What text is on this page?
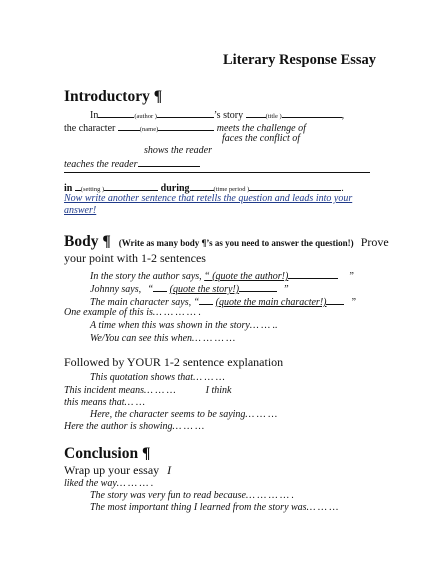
Literary Response Essay
Introductory ¶
In	(author )	’s story	(title )	,
the character	(name)	meets the challenge of
faces the conflict of
shows the reader
teaches the reader
in (setting )	during	(time period )	.
Now write another sentence that retells the question and leads into your
answer!
Body ¶ (Write as many body ¶’s as you need to answer the question!) Prove
your point with 1-2 sentences
In the story the author says, “ (quote the author!)	”
Johnny says, “ (quote the story!)	”
The main character says, “ (quote the main character!) ”
One example of this is… … … … .
A time when this was shown in the story… … ..
We/You can see this when… … … …
Followed by YOUR 1-2 sentence explanation
This quotation shows that… … …
This incident means… … …	I think
this means that… …
Here, the character seems to be saying… … …
Here the author is showing… … …
Conclusion ¶
Wrap up your essay I
liked the way… … … .
The story was very fun to read because… … … … .
The most important thing I learned from the story was… … …
